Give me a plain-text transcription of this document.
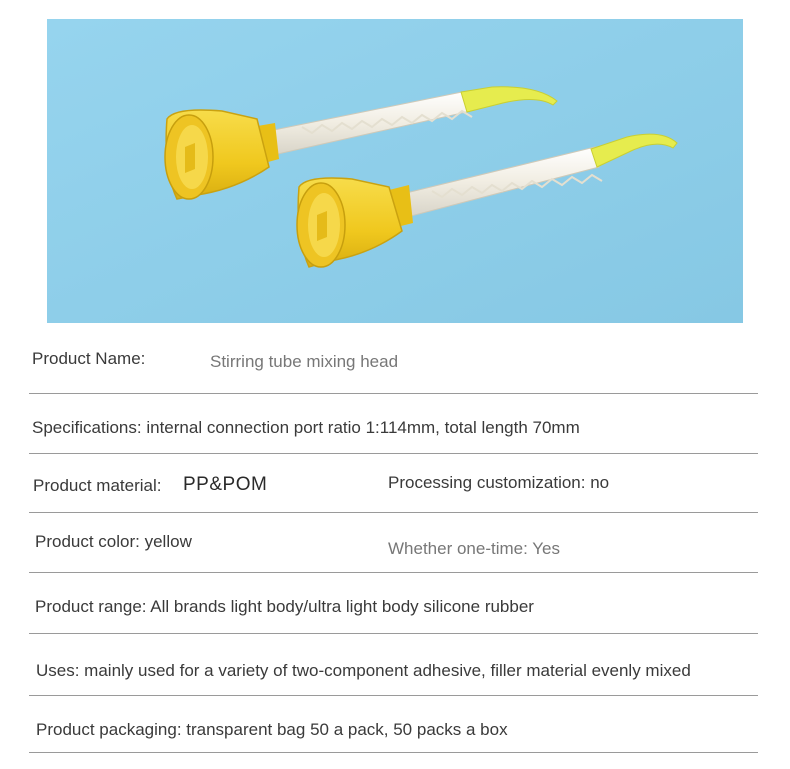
Product Name:	Stirring tube mixing head
Specifications: internal connection port ratio 1:114mm, total length 70mm
Product material: PP&POM	Processing customization: no
Product color: yellow	Whether one-time: Yes
Product range: All brands light body/ultra light body silicone rubber
Uses: mainly used for a variety of two-component adhesive, filler material evenly mixed
Product packaging: transparent bag 50 a pack, 50 packs a box
